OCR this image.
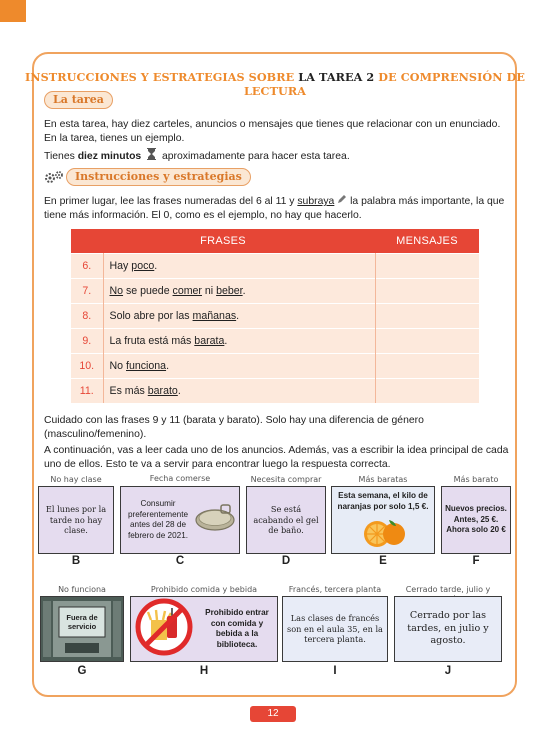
INSTRUCCIONES Y ESTRATEGIAS SOBRE LA TAREA 2 DE COMPRENSIÓN DE LECTURA
La tarea
En esta tarea, hay diez carteles, anuncios o mensajes que tienes que relacionar con un enunciado.
En la tarea, tienes un ejemplo.
Tienes diez minutos  aproximadamente para hacer esta tarea.
Instrucciones y estrategias
En primer lugar, lee las frases numeradas del 6 al 11 y subraya  la palabra más importante, la que tiene más información. El 0, como es el ejemplo, no hay que hacerlo.
FRASES		MENSAJES
6.	Hay poco.	
7.	No se puede comer ni beber.	
8.	Solo abre por las mañanas.	
9.	La fruta está más barata.	
10.	No funciona.	
11.	Es más barato.	
Cuidado con las frases 9 y 11 (barata y barato). Solo hay una diferencia de género (masculino/femenino).
A continuación, vas a leer cada uno de los anuncios. Además, vas a escribir la idea principal de cada uno de ellos. Esto te va a servir para encontrar luego la respuesta correcta.
No hay clase	Fecha comerse	Necesita comprar	Más baratas	Más barato
El lunes por la tarde no hay clase.
Consumir preferentemente antes del 28 de febrero de 2021.
Se está acabando el gel de baño.
Esta semana, el kilo de naranjas por solo 1,5 €.	Nuevos precios. Antes, 25 €. Ahora solo 20 €
B	C	D	E	F
No funciona	Prohibido comida y bebida	Francés, tercera planta	Cerrado tarde, julio y
Fuera de servicio
Prohibido entrar con comida y bebida a la biblioteca.
Las clases de francés son en el aula 35, en la tercera planta.
Cerrado por las tardes, en julio y agosto.
G	H	I	J
12
